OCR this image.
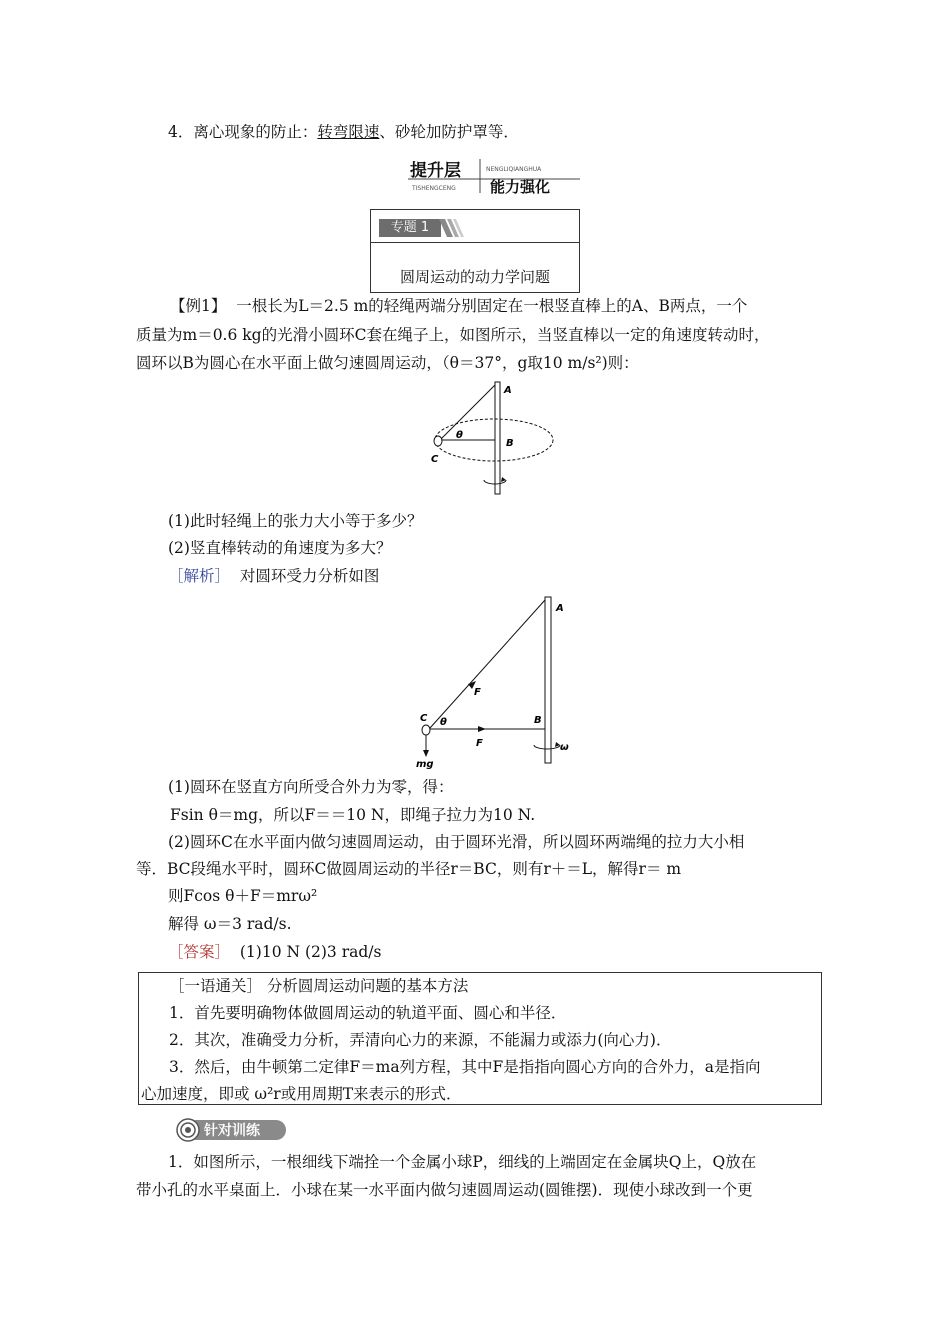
4．离心现象的防止：转弯限速、砂轮加防护罩等．
提升层
TISHENGCENG
NENGLIQIANGHUA
能力强化
专题 1
圆周运动的动力学问题
【例1】 一根长为L＝2.5 m的轻绳两端分别固定在一根竖直棒上的A、B两点，一个
质量为m＝0.6 kg的光滑小圆环C套在绳子上，如图所示，当竖直棒以一定的角速度转动时，
圆环以B为圆心在水平面上做匀速圆周运动，（θ＝37°，g取10 m/s²)则：
A
B
C
θ
(1)此时轻绳上的张力大小等于多少？
(2)竖直棒转动的角速度为多大？
［解析］ 对圆环受力分析如图
A
B
C θ
F
F
mg
ω
(1)圆环在竖直方向所受合外力为零，得：
Fsin θ＝mg，所以F＝＝10 N，即绳子拉力为10 N.
(2)圆环C在水平面内做匀速圆周运动，由于圆环光滑，所以圆环两端绳的拉力大小相
等．BC段绳水平时，圆环C做圆周运动的半径r＝BC，则有r＋＝L，解得r＝ m
则Fcos θ＋F＝mrω²
解得 ω＝3 rad/s.
［答案］ (1)10 N (2)3 rad/s
［一语通关］ 分析圆周运动问题的基本方法
1．首先要明确物体做圆周运动的轨道平面、圆心和半径．
2．其次，准确受力分析，弄清向心力的来源，不能漏力或添力(向心力)．
3．然后，由牛顿第二定律F＝ma列方程，其中F是指指向圆心方向的合外力，a是指向
心加速度，即或 ω²r或用周期T来表示的形式．
针对训练
1．如图所示，一根细线下端拴一个金属小球P，细线的上端固定在金属块Q上，Q放在
带小孔的水平桌面上．小球在某一水平面内做匀速圆周运动(圆锥摆)．现使小球改到一个更
